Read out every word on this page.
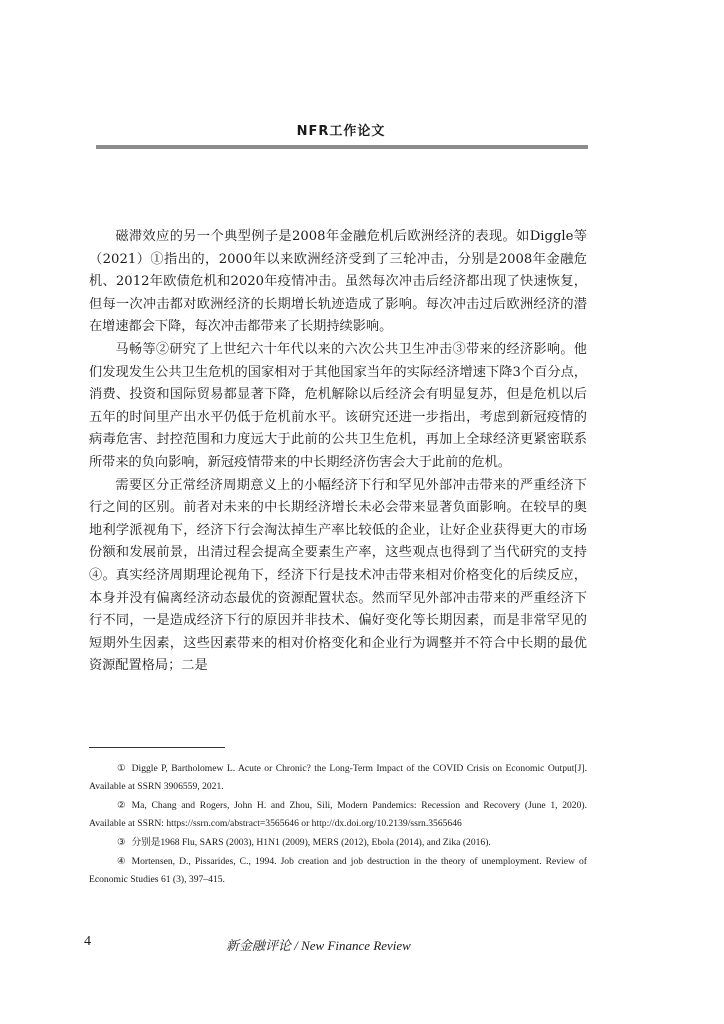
NFR工作论文

磁滞效应的另一个典型例子是2008年金融危机后欧洲经济的表现。如Diggle等（2021）①指出的，2000年以来欧洲经济受到了三轮冲击，分别是2008年金融危机、2012年欧债危机和2020年疫情冲击。虽然每次冲击后经济都出现了快速恢复，但每一次冲击都对欧洲经济的长期增长轨迹造成了影响。每次冲击过后欧洲经济的潜在增速都会下降，每次冲击都带来了长期持续影响。

马畅等②研究了上世纪六十年代以来的六次公共卫生冲击③带来的经济影响。他们发现发生公共卫生危机的国家相对于其他国家当年的实际经济增速下降3个百分点，消费、投资和国际贸易都显著下降，危机解除以后经济会有明显复苏，但是危机以后五年的时间里产出水平仍低于危机前水平。该研究还进一步指出，考虑到新冠疫情的病毒危害、封控范围和力度远大于此前的公共卫生危机，再加上全球经济更紧密联系所带来的负向影响，新冠疫情带来的中长期经济伤害会大于此前的危机。

需要区分正常经济周期意义上的小幅经济下行和罕见外部冲击带来的严重经济下行之间的区别。前者对未来的中长期经济增长未必会带来显著负面影响。在较早的奥地利学派视角下，经济下行会淘汰掉生产率比较低的企业，让好企业获得更大的市场份额和发展前景，出清过程会提高全要素生产率，这些观点也得到了当代研究的支持④。真实经济周期理论视角下，经济下行是技术冲击带来相对价格变化的后续反应，本身并没有偏离经济动态最优的资源配置状态。然而罕见外部冲击带来的严重经济下行不同，一是造成经济下行的原因并非技术、偏好变化等长期因素，而是非常罕见的短期外生因素，这些因素带来的相对价格变化和企业行为调整并不符合中长期的最优资源配置格局；二是

① Diggle P, Bartholomew L. Acute or Chronic? the Long-Term Impact of the COVID Crisis on Economic Output[J]. Available at SSRN 3906559, 2021.

② Ma, Chang and Rogers, John H. and Zhou, Sili, Modern Pandemics: Recession and Recovery (June 1, 2020). Available at SSRN: https://ssrn.com/abstract=3565646 or http://dx.doi.org/10.2139/ssrn.3565646

③ 分别是1968 Flu, SARS (2003), H1N1 (2009), MERS (2012), Ebola (2014), and Zika (2016).

④ Mortensen, D., Pissarides, C., 1994. Job creation and job destruction in the theory of unemployment. Review of Economic Studies 61 (3), 397–415.

4	新金融评论 / New Finance Review
